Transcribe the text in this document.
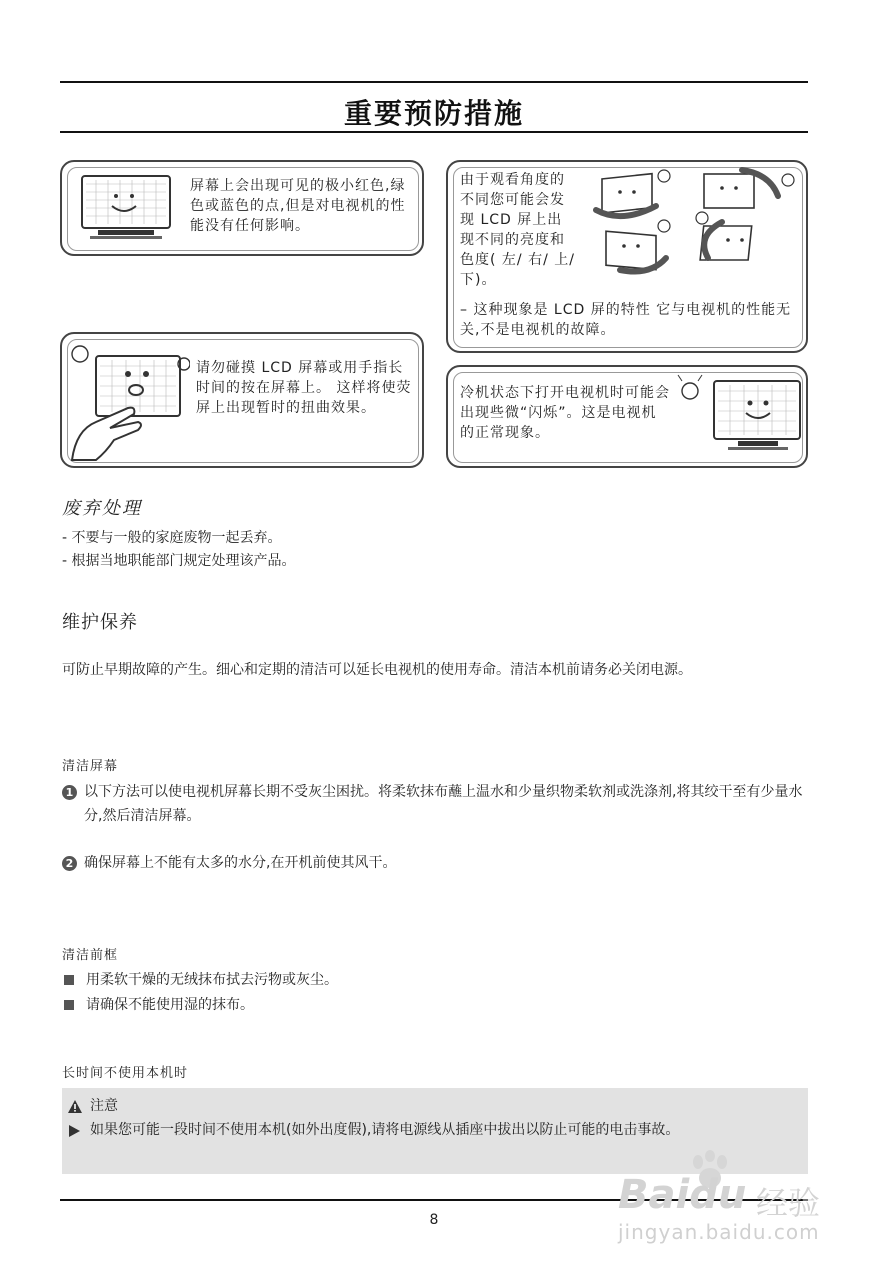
重要预防措施
屏幕上会出现可见的极小红色,绿色或蓝色的点,但是对电视机的性能没有任何影响。
由于观看角度的不同您可能会发现 LCD 屏上出现不同的亮度和色度( 左/ 右/ 上/ 下)。
– 这种现象是 LCD 屏的特性 它与电视机的性能无关,不是电视机的故障。
请勿碰摸 LCD 屏幕或用手指长时间的按在屏幕上。 这样将使荧屏上出现暂时的扭曲效果。
冷机状态下打开电视机时可能会出现些微“闪烁”。这是电视机的正常现象。
废弃处理
- 不要与一般的家庭废物一起丢弃。
- 根据当地职能部门规定处理该产品。
维护保养
可防止早期故障的产生。细心和定期的清洁可以延长电视机的使用寿命。清洁本机前请务必关闭电源。
清洁屏幕
1 以下方法可以使电视机屏幕长期不受灰尘困扰。将柔软抹布蘸上温水和少量织物柔软剂或洗涤剂,将其绞干至有少量水分,然后清洁屏幕。
2 确保屏幕上不能有太多的水分,在开机前使其风干。
清洁前框
用柔软干燥的无绒抹布拭去污物或灰尘。
请确保不能使用湿的抹布。
长时间不使用本机时
注意
如果您可能一段时间不使用本机(如外出度假),请将电源线从插座中拔出以防止可能的电击事故。
8
Baidu 经验
jingyan.baidu.com
